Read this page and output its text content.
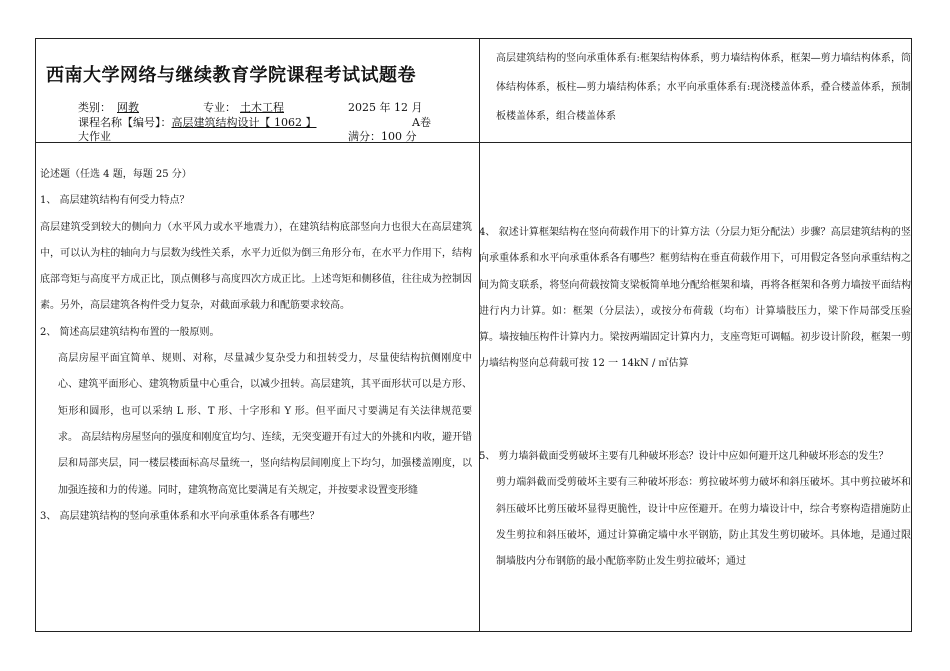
西南大学网络与继续教育学院课程考试试题卷
类别： 网教	专业： 土木工程	2025 年 12 月
课程名称【编号】：高层建筑结构设计【 1062 】	A卷
大作业	满分：100 分

论述题（任选 4 题，每题 25 分）

1、 高层建筑结构有何受力特点？

高层建筑受到较大的侧向力（水平风力或水平地震力），在建筑结构底部竖向力也很大在高层建筑中，可以认为柱的轴向力与层数为线性关系，水平力近似为倒三角形分布，在水平力作用下，结构底部弯矩与高度平方成正比，顶点侧移与高度四次方成正比。上述弯矩和侧移值，往往成为控制因素。另外，高层建筑各构件受力复杂，对截面承载力和配筋要求较高。

2、 简述高层建筑结构布置的一般原则。

高层房屋平面宜简单、规则、对称，尽量减少复杂受力和扭转受力，尽量使结构抗侧刚度中心、建筑平面形心、建筑物质量中心重合，以减少扭转。高层建筑，其平面形状可以是方形、矩形和圆形，也可以采纳 L 形、T 形、十字形和 Y 形。但平面尺寸要满足有关法律规范要求。 高层结构房屋竖向的强度和刚度宜均匀、连续，无突变避开有过大的外挑和内收，避开错层和局部夹层，同一楼层楼面标高尽量统一，竖向结构层间刚度上下均匀，加强楼盖刚度，以加强连接和力的传递。同时，建筑物高宽比要满足有关规定，并按要求设置变形缝

3、 高层建筑结构的竖向承重体系和水平向承重体系各有哪些？

高层建筑结构的竖向承重体系有:框架结构体系，剪力墙结构体系，框架—剪力墙结构体系，筒体结构体系，板柱—剪力墙结构体系；水平向承重体系有:现浇楼盖体系，叠合楼盖体系，预制板楼盖体系，组合楼盖体系

4、 叙述计算框架结构在竖向荷载作用下的计算方法（分层力矩分配法）步骤？高层建筑结构的竖向承重体系和水平向承重体系各有哪些？框剪结构在垂直荷载作用下，可用假定各竖向承重结构之间为简支联系，将竖向荷载按简支梁板简单地分配给框架和墙，再将各框架和各剪力墙按平面结构进行内力计算。如：框架（分层法），或按分布荷载（均布）计算墙肢压力，梁下作局部受压验算。墙按轴压构件计算内力。梁按两端固定计算内力，支座弯矩可调幅。初步设计阶段，框架一剪力墙结构竖向总荷载可按 12 一 14kN / ㎡估算

5、 剪力墙斜截面受剪破坏主要有几种破坏形态？设计中应如何避开这几种破坏形态的发生？

剪力端斜截而受剪破坏主要有三种破坏形态：剪拉破坏剪力破坏和斜压破坏。其中剪拉破坏和斜压破坏比剪压破坏显得更脆性，设计中应侄避开。在剪力墙设计中，综合考察构造措施防止发生剪拉和斜压破坏，通过计算确定墙中水平钢筋，防止其发生剪切破坏。具体地，是通过限制墙肢内分布钢筋的最小配筋率防止发生剪拉破坏；通过
